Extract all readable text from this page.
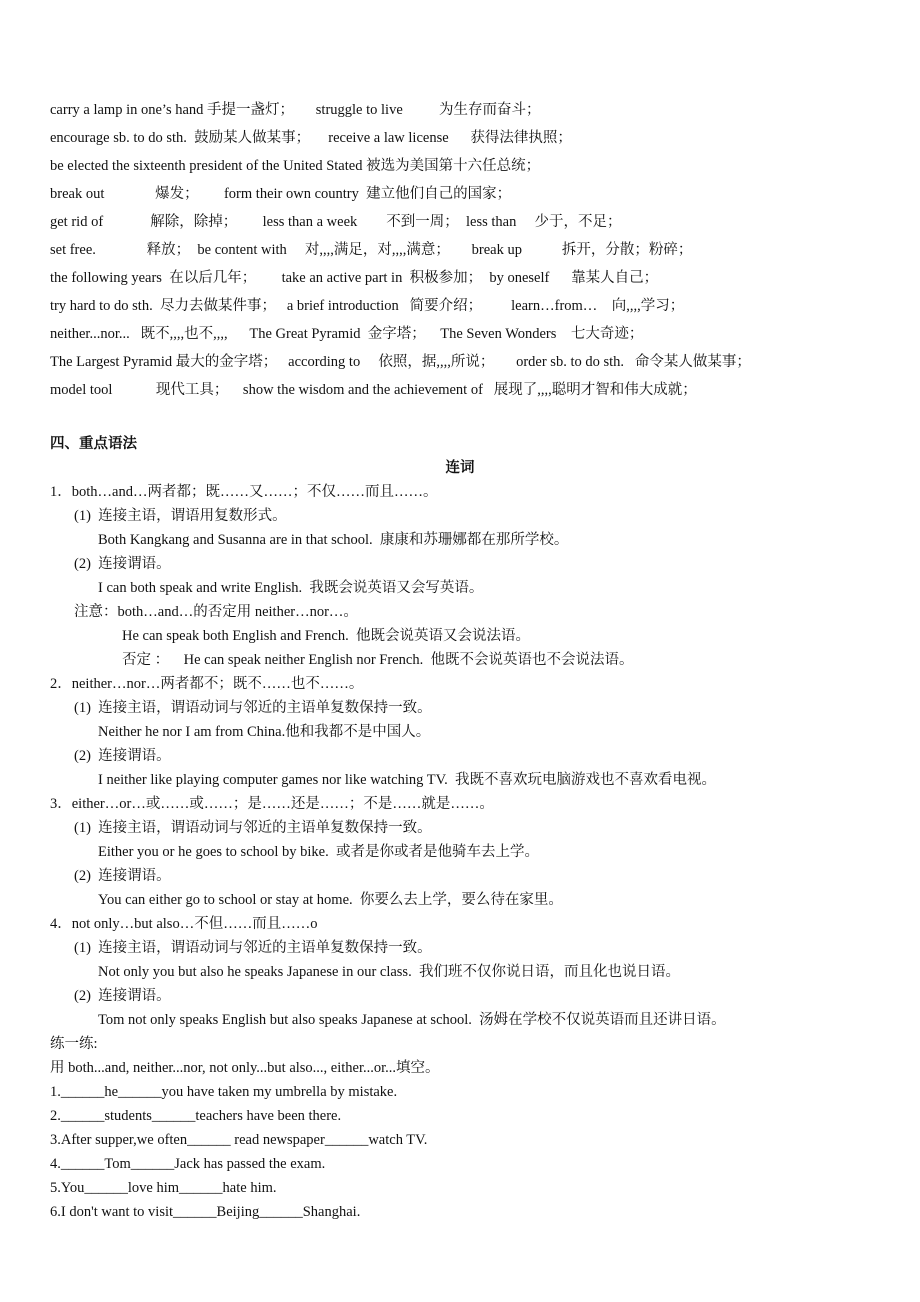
carry a lamp in one’s hand 手提一盏灯；      struggle to live          为生存而奋斗；
encourage sb. to do sth.  鼓励某人做某事；     receive a law license      获得法律执照；
be elected the sixteenth president of the United Stated 被选为美国第十六任总统；
break out              爆发；       form their own country  建立他们自己的国家；
get rid of             解除，除掉；       less than a week        不到一周；  less than     少于，不足；
set free.              释放；  be content with     对,,,,满足，对,,,,满意；      break up           拆开，分散；粉碎；
the following years  在以后几年；       take an active part in  积极参加；  by oneself      靠某人自己；
try hard to do sth.  尽力去做某件事；   a brief introduction   简要介绍；        learn…from…    向,,,,学习；
neither...nor...   既不,,,,也不,,,,      The Great Pyramid  金字塔；    The Seven Wonders    七大奇迹；
The Largest Pyramid 最大的金字塔；   according to     依照，据,,,,所说；      order sb. to do sth.   命令某人做某事；
model tool            现代工具；    show the wisdom and the achievement of   展现了,,,,聪明才智和伟大成就；
四、重点语法
连词
1．both…and…两者都；既……又……；不仅……而且……。
(1)  连接主语，谓语用复数形式。
Both Kangkang and Susanna are in that school.  康康和苏珊娜都在那所学校。
(2)  连接谓语。
I can both speak and write English.  我既会说英语又会写英语。
注意：both…and…的否定用 neither…nor…。
He can speak both English and French.  他既会说英语又会说法语。
否定 ：    He can speak neither English nor French.  他既不会说英语也不会说法语。
2．neither…nor…两者都不；既不……也不……。
(1)  连接主语，谓语动词与邻近的主语单复数保持一致。
Neither he nor I am from China.他和我都不是中国人。
(2)  连接谓语。
I neither like playing computer games nor like watching TV.  我既不喜欢玩电脑游戏也不喜欢看电视。
3．either…or…或……或……；是……还是……；不是……就是……。
(1)  连接主语，谓语动词与邻近的主语单复数保持一致。
Either you or he goes to school by bike.  或者是你或者是他骑车去上学。
(2)  连接谓语。
You can either go to school or stay at home.  你要么去上学，要么待在家里。
4．not only…but also…不但……而且……o
(1)  连接主语，谓语动词与邻近的主语单复数保持一致。
Not only you but also he speaks Japanese in our class.  我们班不仅你说日语，而且化也说日语。
(2)  连接谓语。
Tom not only speaks English but also speaks Japanese at school.  汤姆在学校不仅说英语而且还讲日语。
练一练:
用 both...and, neither...nor, not only...but also..., either...or...填空。
1.______he______you have taken my umbrella by mistake.
2.______students______teachers have been there.
3.After supper,we often______ read newspaper______watch TV.
4.______Tom______Jack has passed the exam.
5.You______love him______hate him.
6.I don't want to visit______Beijing______Shanghai.
